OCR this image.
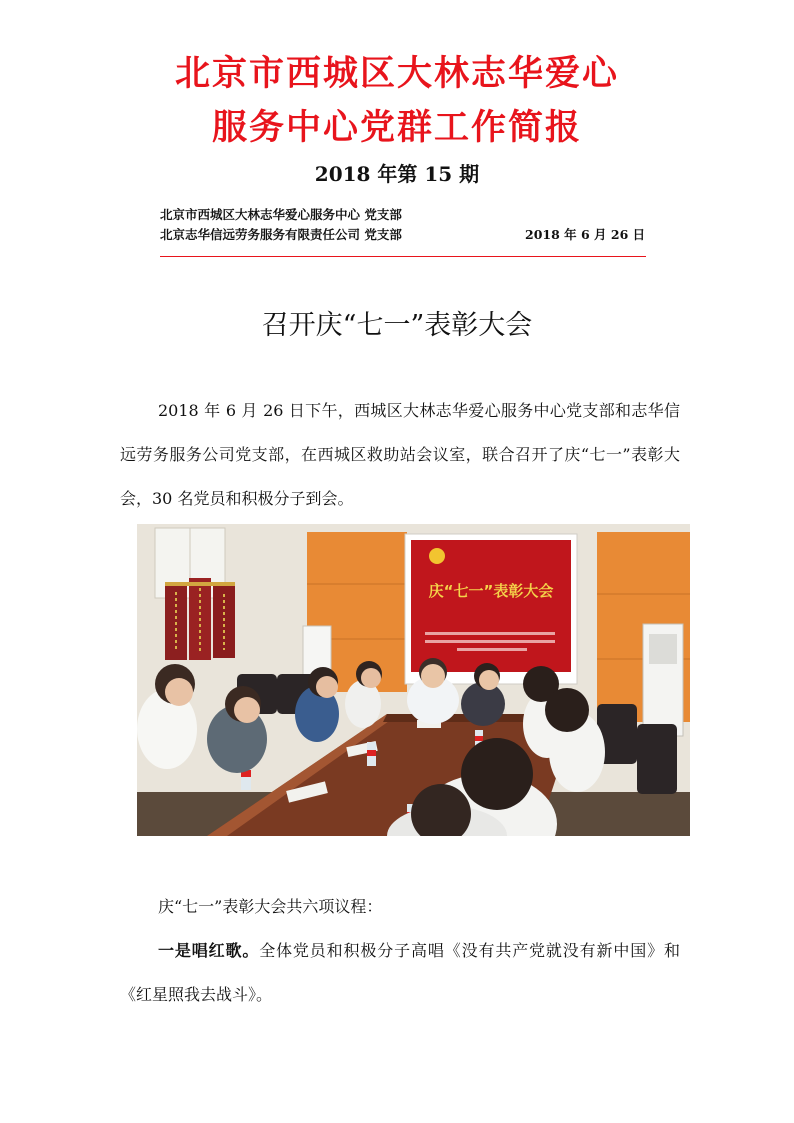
北京市西城区大林志华爱心
服务中心党群工作简报
2018 年第 15 期
北京市西城区大林志华爱心服务中心 党支部
北京志华信远劳务服务有限责任公司 党支部	2018 年 6 月 26 日
召开庆“七一”表彰大会
2018 年 6 月 26 日下午，西城区大林志华爱心服务中心党支部和志华信远劳务服务公司党支部，在西城区救助站会议室，联合召开了庆“七一”表彰大会，30 名党员和积极分子到会。
庆“七一”表彰大会
庆“七一”表彰大会共六项议程：
一是唱红歌。全体党员和积极分子高唱《没有共产党就没有新中国》和《红星照我去战斗》。
